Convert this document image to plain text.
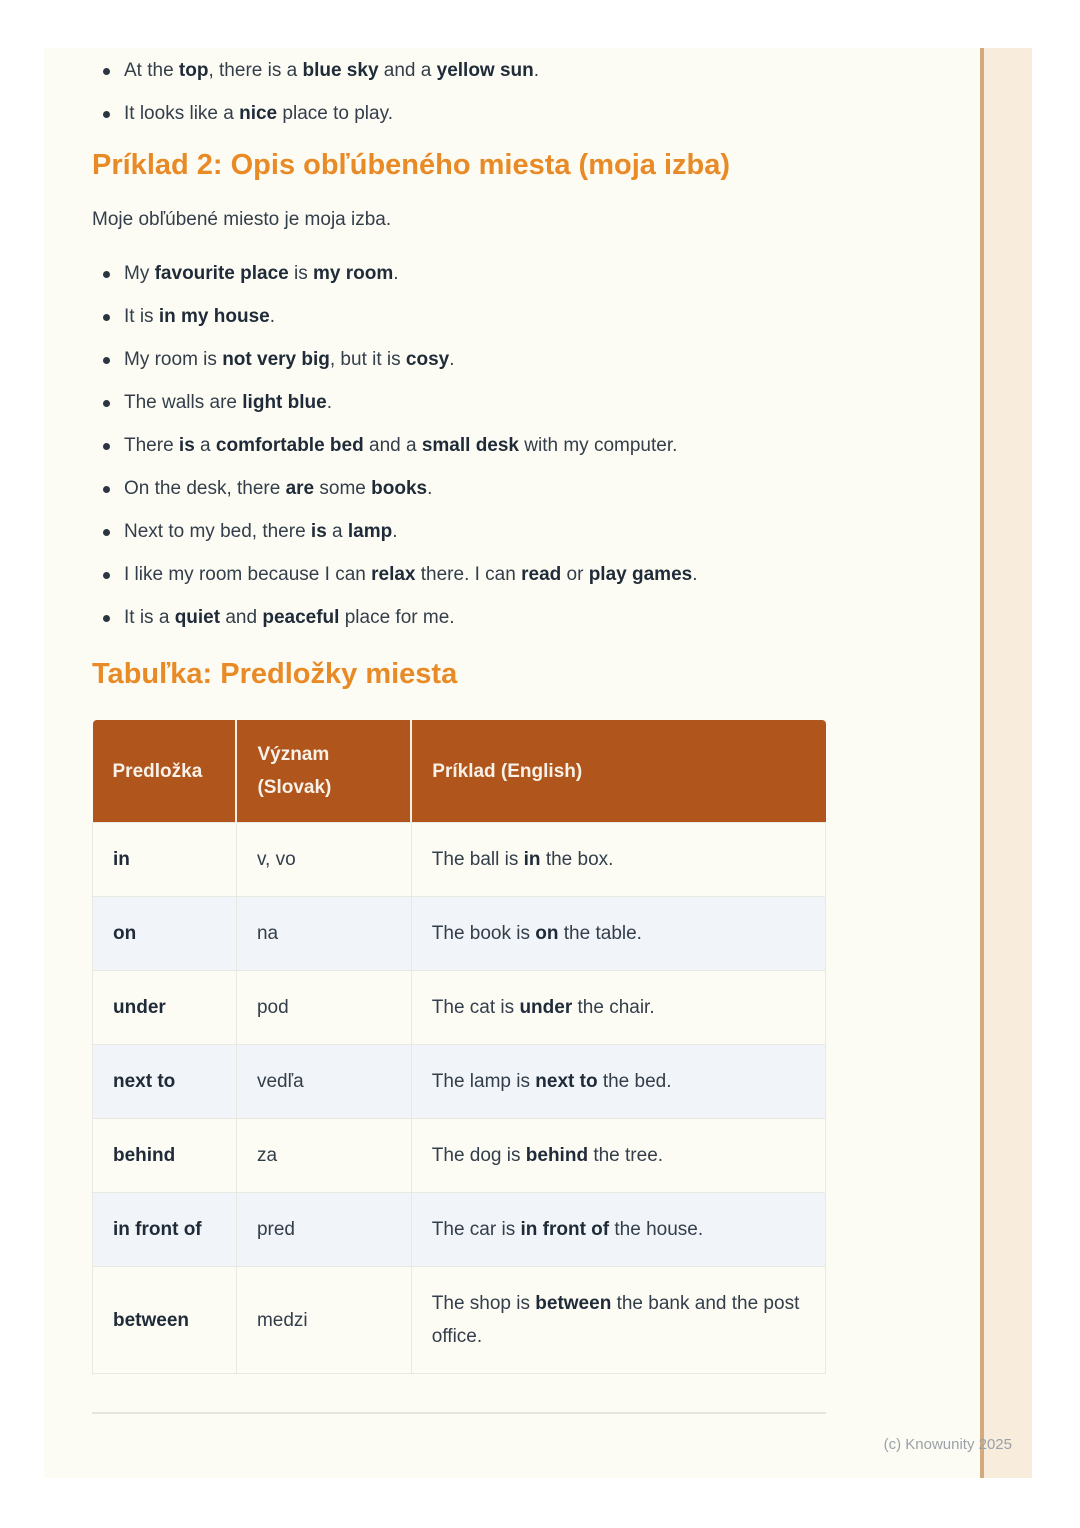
At the top, there is a blue sky and a yellow sun.
It looks like a nice place to play.
Príklad 2: Opis obľúbeného miesta (moja izba)

Moje obľúbené miesto je moja izba.

My favourite place is my room.
It is in my house.
My room is not very big, but it is cosy.
The walls are light blue.
There is a comfortable bed and a small desk with my computer.
On the desk, there are some books.
Next to my bed, there is a lamp.
I like my room because I can relax there. I can read or play games.
It is a quiet and peaceful place for me.
Tabuľka: Predložky miesta
Predložka	Význam (Slovak)	Príklad (English)
in	v, vo	The ball is in the box.
on	na	The book is on the table.
under	pod	The cat is under the chair.
next to	vedľa	The lamp is next to the bed.
behind	za	The dog is behind the tree.
in front of	pred	The car is in front of the house.
between	medzi	The shop is between the bank and the post office.
(c) Knowunity 2025
